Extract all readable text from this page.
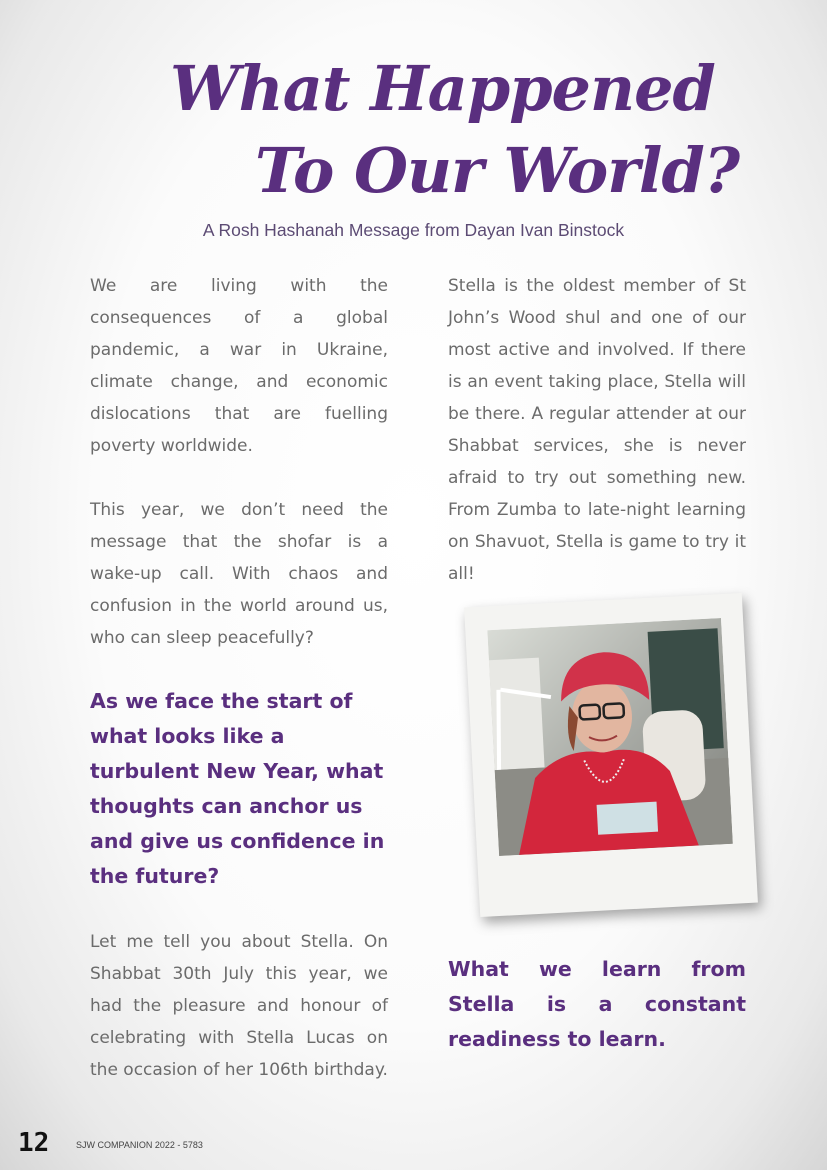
What Happened
To Our World?

A Rosh Hashanah Message from Dayan Ivan Binstock

We are living with the consequences of a global pandemic, a war in Ukraine, climate change, and economic dislocations that are fuelling poverty worldwide.

This year, we don’t need the message that the shofar is a wake-up call. With chaos and confusion in the world around us, who can sleep peacefully?

As we face the start of what looks like a turbulent New Year, what thoughts can anchor us and give us confidence in the future?

Let me tell you about Stella. On Shabbat 30th July this year, we had the pleasure and honour of celebrating with Stella Lucas on the occasion of her 106th birthday.

Stella is the oldest member of St John’s Wood shul and one of our most active and involved. If there is an event taking place, Stella will be there. A regular attender at our Shabbat services, she is never afraid to try out something new. From Zumba to late-night learning on Shavuot, Stella is game to try it all!

What we learn from Stella is a constant readiness to learn.

12	SJW COMPANION 2022 - 5783
